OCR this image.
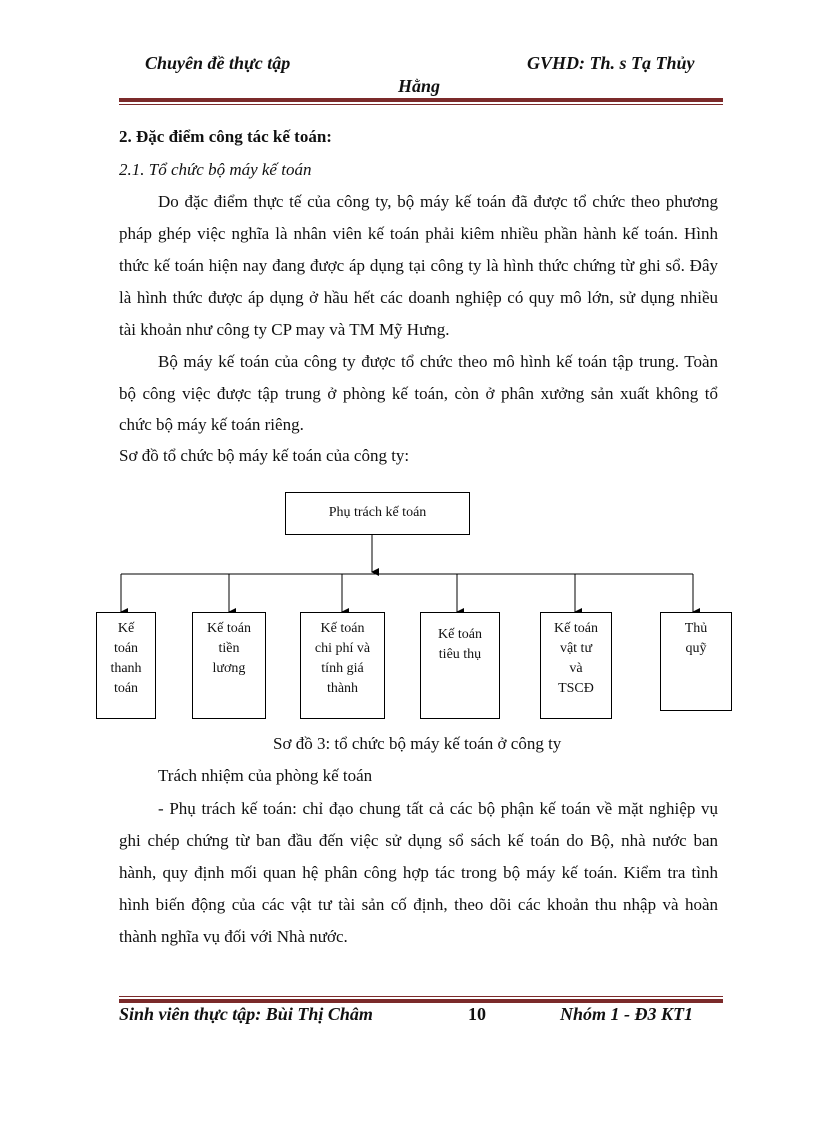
Chuyên đề thực tập	GVHD: Th. s Tạ Thủy
Hằng
2. Đặc điểm công tác kế toán:
2.1. Tổ chức bộ máy kế toán
Do đặc điểm thực tế của công ty, bộ máy kế toán đã được tổ chức theo phương
pháp ghép việc nghĩa là nhân viên kế toán phải kiêm nhiều phần hành kế toán. Hình
thức kế toán hiện nay đang được áp dụng tại công ty là hình thức chứng từ ghi sổ. Đây
là hình thức được áp dụng ở hầu hết các doanh nghiệp có quy mô lớn, sử dụng nhiều
tài khoản như công ty CP may và TM Mỹ Hưng.
Bộ máy kế toán của công ty được tổ chức theo mô hình kế toán tập trung. Toàn
bộ công việc được tập trung ở phòng kế toán, còn ở phân xưởng sản xuất không tổ
chức bộ máy kế toán riêng.
Sơ đồ tổ chức bộ máy kế toán của công ty:
Phụ trách kế toán
Kế
toán
thanh
toán
Kế toán
tiền
lương
Kế toán
chi phí và
tính giá
thành
Kế toán
tiêu thụ
Kế toán
vật tư
và
TSCĐ
Thủ
quỹ
Sơ đồ 3: tổ chức bộ máy kế toán ở công ty
Trách nhiệm của phòng kế toán
- Phụ trách kế toán: chỉ đạo chung tất cả các bộ phận kế toán về mặt nghiệp vụ
ghi chép chứng từ ban đầu đến việc sử dụng sổ sách kế toán do Bộ, nhà nước ban
hành, quy định mối quan hệ phân công hợp tác trong bộ máy kế toán. Kiểm tra tình
hình biến động của các vật tư tài sản cố định, theo dõi các khoản thu nhập và hoàn
thành nghĩa vụ đối với Nhà nước.
Sinh viên thực tập: Bùi Thị Châm	10	Nhóm 1 - Đ3 KT1
